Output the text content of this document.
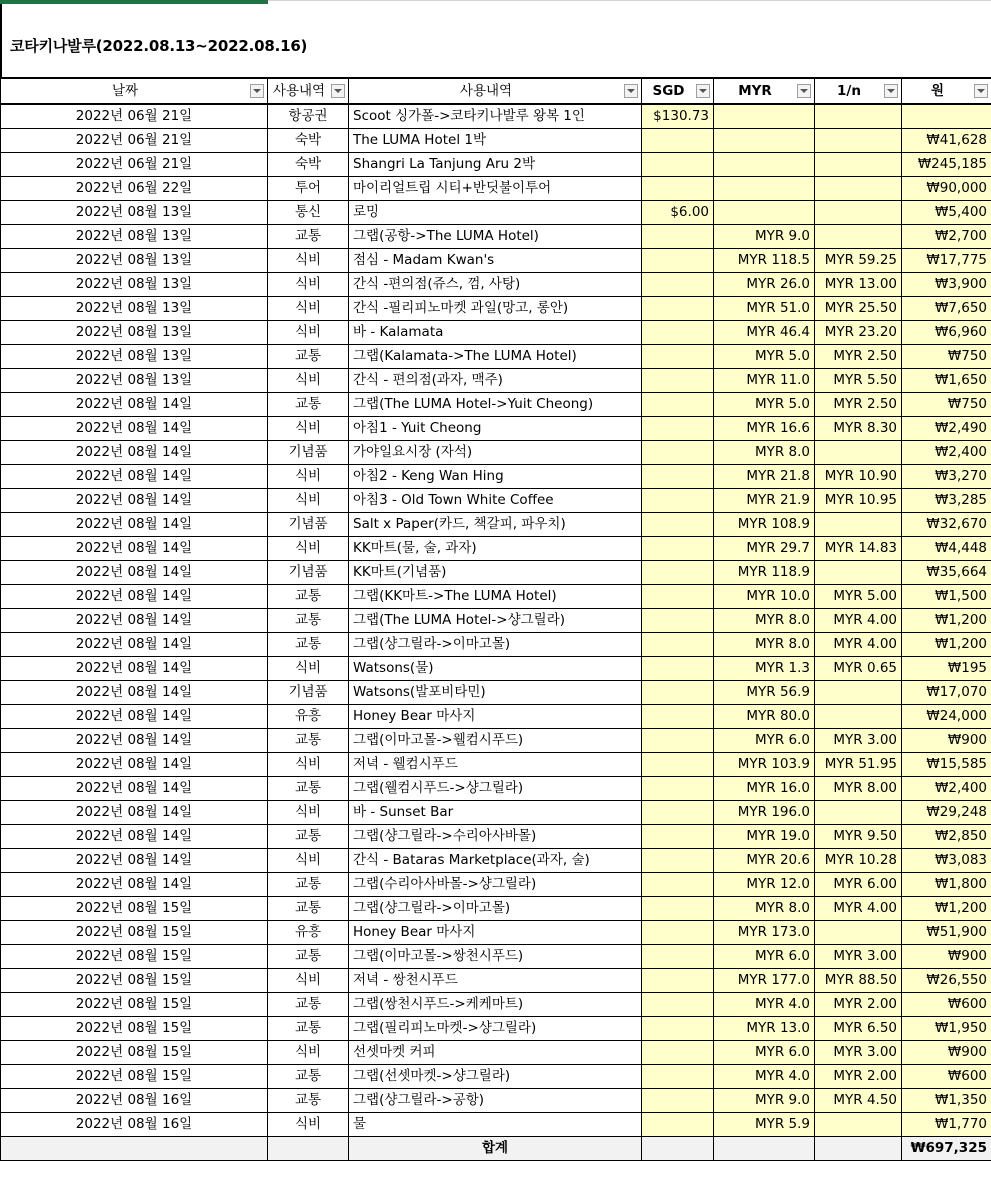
코타키나발루(2022.08.13~2022.08.16)
날짜	사용내역	사용내역	SGD	MYR	1/n	원

2022년 06월 21일	항공권	Scoot 싱가폴->코타키나발루 왕복 1인	$130.73			
2022년 06월 21일	숙박	The LUMA Hotel 1박				₩41,628
2022년 06월 21일	숙박	Shangri La Tanjung Aru 2박				₩245,185
2022년 06월 22일	투어	마이리얼트립 시티+반딧불이투어				₩90,000
2022년 08월 13일	통신	로밍	$6.00			₩5,400
2022년 08월 13일	교통	그랩(공항->The LUMA Hotel)		MYR 9.0		₩2,700
2022년 08월 13일	식비	점심 - Madam Kwan's		MYR 118.5	MYR 59.25	₩17,775
2022년 08월 13일	식비	간식 -편의점(쥬스, 껌, 사탕)		MYR 26.0	MYR 13.00	₩3,900
2022년 08월 13일	식비	간식 -필리피노마켓 과일(망고, 롱안)		MYR 51.0	MYR 25.50	₩7,650
2022년 08월 13일	식비	바 - Kalamata		MYR 46.4	MYR 23.20	₩6,960
2022년 08월 13일	교통	그랩(Kalamata->The LUMA Hotel)		MYR 5.0	MYR 2.50	₩750
2022년 08월 13일	식비	간식 - 편의점(과자, 맥주)		MYR 11.0	MYR 5.50	₩1,650
2022년 08월 14일	교통	그랩(The LUMA Hotel->Yuit Cheong)		MYR 5.0	MYR 2.50	₩750
2022년 08월 14일	식비	아침1 - Yuit Cheong		MYR 16.6	MYR 8.30	₩2,490
2022년 08월 14일	기념품	가야일요시장 (자석)		MYR 8.0		₩2,400
2022년 08월 14일	식비	아침2 - Keng Wan Hing		MYR 21.8	MYR 10.90	₩3,270
2022년 08월 14일	식비	아침3 - Old Town White Coffee		MYR 21.9	MYR 10.95	₩3,285
2022년 08월 14일	기념품	Salt x Paper(카드, 책갈피, 파우치)		MYR 108.9		₩32,670
2022년 08월 14일	식비	KK마트(물, 술, 과자)		MYR 29.7	MYR 14.83	₩4,448
2022년 08월 14일	기념품	KK마트(기념품)		MYR 118.9		₩35,664
2022년 08월 14일	교통	그랩(KK마트->The LUMA Hotel)		MYR 10.0	MYR 5.00	₩1,500
2022년 08월 14일	교통	그랩(The LUMA Hotel->샹그릴라)		MYR 8.0	MYR 4.00	₩1,200
2022년 08월 14일	교통	그랩(샹그릴라->이마고몰)		MYR 8.0	MYR 4.00	₩1,200
2022년 08월 14일	식비	Watsons(물)		MYR 1.3	MYR 0.65	₩195
2022년 08월 14일	기념품	Watsons(발포비타민)		MYR 56.9		₩17,070
2022년 08월 14일	유흥	Honey Bear 마사지		MYR 80.0		₩24,000
2022년 08월 14일	교통	그랩(이마고몰->웰컴시푸드)		MYR 6.0	MYR 3.00	₩900
2022년 08월 14일	식비	저녁 - 웰컴시푸드		MYR 103.9	MYR 51.95	₩15,585
2022년 08월 14일	교통	그랩(웰컴시푸드->샹그릴라)		MYR 16.0	MYR 8.00	₩2,400
2022년 08월 14일	식비	바 - Sunset Bar		MYR 196.0		₩29,248
2022년 08월 14일	교통	그랩(샹그릴라->수리아사바몰)		MYR 19.0	MYR 9.50	₩2,850
2022년 08월 14일	식비	간식 - Bataras Marketplace(과자, 술)		MYR 20.6	MYR 10.28	₩3,083
2022년 08월 14일	교통	그랩(수리아사바몰->샹그릴라)		MYR 12.0	MYR 6.00	₩1,800
2022년 08월 15일	교통	그랩(샹그릴라->이마고몰)		MYR 8.0	MYR 4.00	₩1,200
2022년 08월 15일	유흥	Honey Bear 마사지		MYR 173.0		₩51,900
2022년 08월 15일	교통	그랩(이마고몰->쌍천시푸드)		MYR 6.0	MYR 3.00	₩900
2022년 08월 15일	식비	저녁 - 쌍천시푸드		MYR 177.0	MYR 88.50	₩26,550
2022년 08월 15일	교통	그랩(쌍천시푸드->케케마트)		MYR 4.0	MYR 2.00	₩600
2022년 08월 15일	교통	그랩(필리피노마켓->샹그릴라)		MYR 13.0	MYR 6.50	₩1,950
2022년 08월 15일	식비	선셋마켓 커피		MYR 6.0	MYR 3.00	₩900
2022년 08월 15일	교통	그랩(선셋마켓->샹그릴라)		MYR 4.0	MYR 2.00	₩600
2022년 08월 16일	교통	그랩(샹그릴라->공항)		MYR 9.0	MYR 4.50	₩1,350
2022년 08월 16일	식비	물		MYR 5.9		₩1,770
		합계				₩697,325
